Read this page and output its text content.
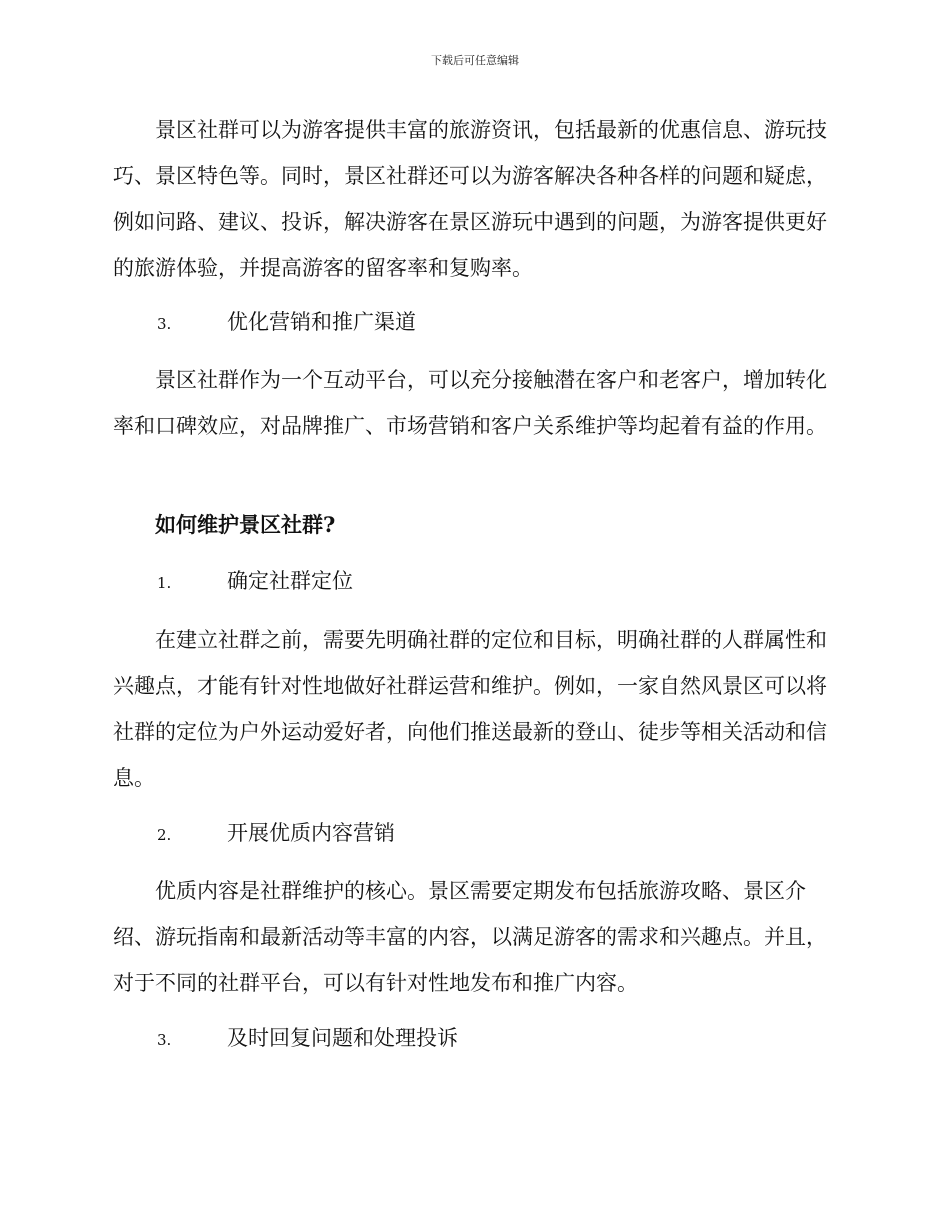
下载后可任意编辑

景区社群可以为游客提供丰富的旅游资讯，包括最新的优惠信息、游玩技巧、景区特色等。同时，景区社群还可以为游客解决各种各样的问题和疑虑，例如问路、建议、投诉，解决游客在景区游玩中遇到的问题，为游客提供更好的旅游体验，并提高游客的留客率和复购率。

3.	优化营销和推广渠道

景区社群作为一个互动平台，可以充分接触潜在客户和老客户，增加转化率和口碑效应，对品牌推广、市场营销和客户关系维护等均起着有益的作用。

如何维护景区社群?
1.	确定社群定位

在建立社群之前，需要先明确社群的定位和目标，明确社群的人群属性和兴趣点，才能有针对性地做好社群运营和维护。例如，一家自然风景区可以将社群的定位为户外运动爱好者，向他们推送最新的登山、徒步等相关活动和信息。

2.	开展优质内容营销

优质内容是社群维护的核心。景区需要定期发布包括旅游攻略、景区介绍、游玩指南和最新活动等丰富的内容，以满足游客的需求和兴趣点。并且，对于不同的社群平台，可以有针对性地发布和推广内容。

3.	及时回复问题和处理投诉
